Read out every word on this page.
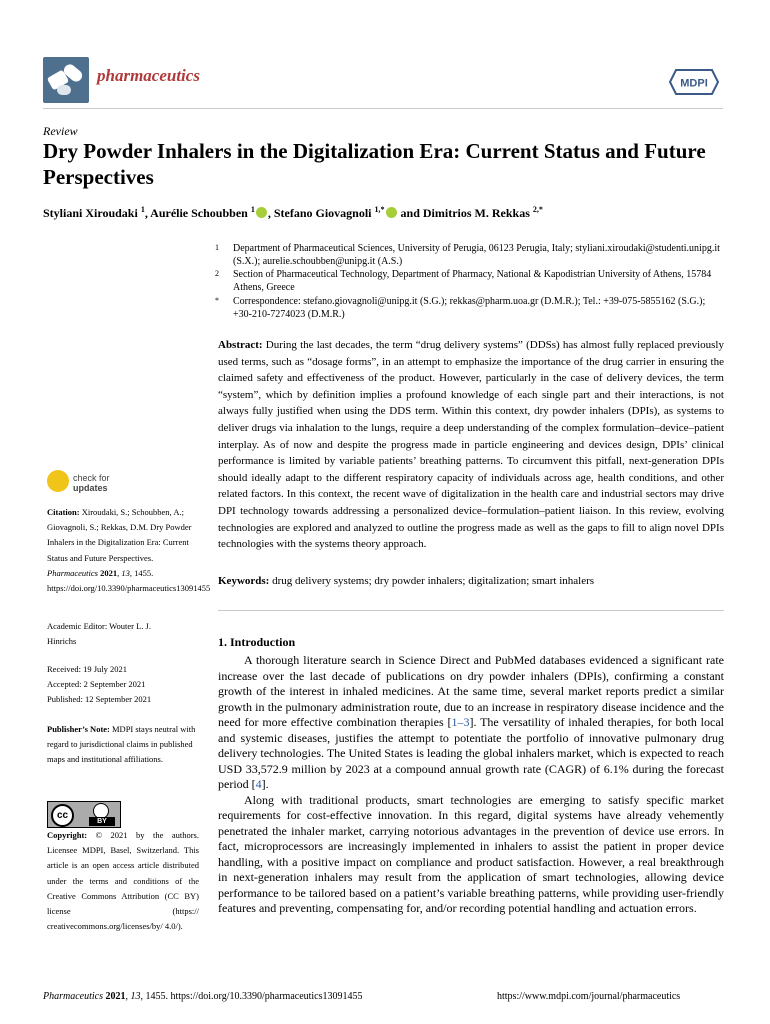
pharmaceutics	MDPI
Review
Dry Powder Inhalers in the Digitalization Era: Current Status and Future Perspectives
Styliani Xiroudaki $^1$, Aurélie Schoubben $^1$ , Stefano Giovagnoli $^{1,*}$ and Dimitrios M. Rekkas $^{2,*}$
1 Department of Pharmaceutical Sciences, University of Perugia, 06123 Perugia, Italy; styliani.xiroudaki@studenti.unipg.it (S.X.); aurelie.schoubben@unipg.it (A.S.)
2 Section of Pharmaceutical Technology, Department of Pharmacy, National & Kapodistrian University of Athens, 15784 Athens, Greece
* Correspondence: stefano.giovagnoli@unipg.it (S.G.); rekkas@pharm.uoa.gr (D.M.R.); Tel.: +39-075-5855162 (S.G.); +30-210-7274023 (D.M.R.)
Abstract: During the last decades, the term “drug delivery systems” (DDSs) has almost fully replaced previously used terms, such as “dosage forms”, in an attempt to emphasize the importance of the drug carrier in ensuring the claimed safety and effectiveness of the product. However, particularly in the case of delivery devices, the term “system”, which by definition implies a profound knowledge of each single part and their interactions, is not always fully justified when using the DDS term. Within this context, dry powder inhalers (DPIs), as systems to deliver drugs via inhalation to the lungs, require a deep understanding of the complex formulation–device–patient interplay. As of now and despite the progress made in particle engineering and devices design, DPIs’ clinical performance is limited by variable patients’ breathing patterns. To circumvent this pitfall, next-generation DPIs should ideally adapt to the different respiratory capacity of individuals across age, health conditions, and other related factors. In this context, the recent wave of digitalization in the health care and industrial sectors may drive DPI technology towards addressing a personalized device–formulation–patient liaison. In this review, evolving technologies are explored and analyzed to outline the progress made as well as the gaps to fill to align novel DPIs technologies with the systems theory approach.
Keywords: drug delivery systems; dry powder inhalers; digitalization; smart inhalers
check for
updates
Citation: Xiroudaki, S.; Schoubben, A.; Giovagnoli, S.; Rekkas, D.M. Dry Powder Inhalers in the Digitalization Era: Current Status and Future Perspectives. Pharmaceutics 2021, 13, 1455. https://doi.org/10.3390/pharmaceutics13091455
Academic Editor: Wouter L. J. Hinrichs
Received: 19 July 2021
Accepted: 2 September 2021
Published: 12 September 2021
Publisher’s Note: MDPI stays neutral with regard to jurisdictional claims in published maps and institutional affiliations.
cc
BY
Copyright: © 2021 by the authors. Licensee MDPI, Basel, Switzerland. This article is an open access article distributed under the terms and conditions of the Creative Commons Attribution (CC BY) license (https:// creativecommons.org/licenses/by/ 4.0/).
1. Introduction

A thorough literature search in Science Direct and PubMed databases evidenced a significant rate increase over the last decade of publications on dry powder inhalers (DPIs), confirming a constant growth of the interest in inhaled medicines. At the same time, several market reports predict a similar growth in the pulmonary administration route, due to an increase in respiratory disease incidence and the need for more effective combination therapies [1–3]. The versatility of inhaled therapies, for both local and systemic diseases, justifies the attempt to potentiate the portfolio of innovative pulmonary drug delivery technologies. The United States is leading the global inhalers market, which is expected to reach USD 33,572.9 million by 2023 at a compound annual growth rate (CAGR) of 6.1% during the forecast period [4].

Along with traditional products, smart technologies are emerging to satisfy specific market requirements for cost-effective innovation. In this regard, digital systems have already vehemently penetrated the inhaler market, carrying notorious advantages in the prevention of device use errors. In fact, microprocessors are increasingly implemented in inhalers to assist the patient in proper device handling, with a positive impact on compliance and product satisfaction. However, a real breakthrough in next-generation inhalers may result from the application of smart technologies, allowing device performance to be tailored based on a patient’s variable breathing patterns, while providing user-friendly features and preventing, compensating for, and/or recording potential handling and actuation errors.

Pharmaceutics 2021, 13, 1455. https://doi.org/10.3390/pharmaceutics13091455	https://www.mdpi.com/journal/pharmaceutics
